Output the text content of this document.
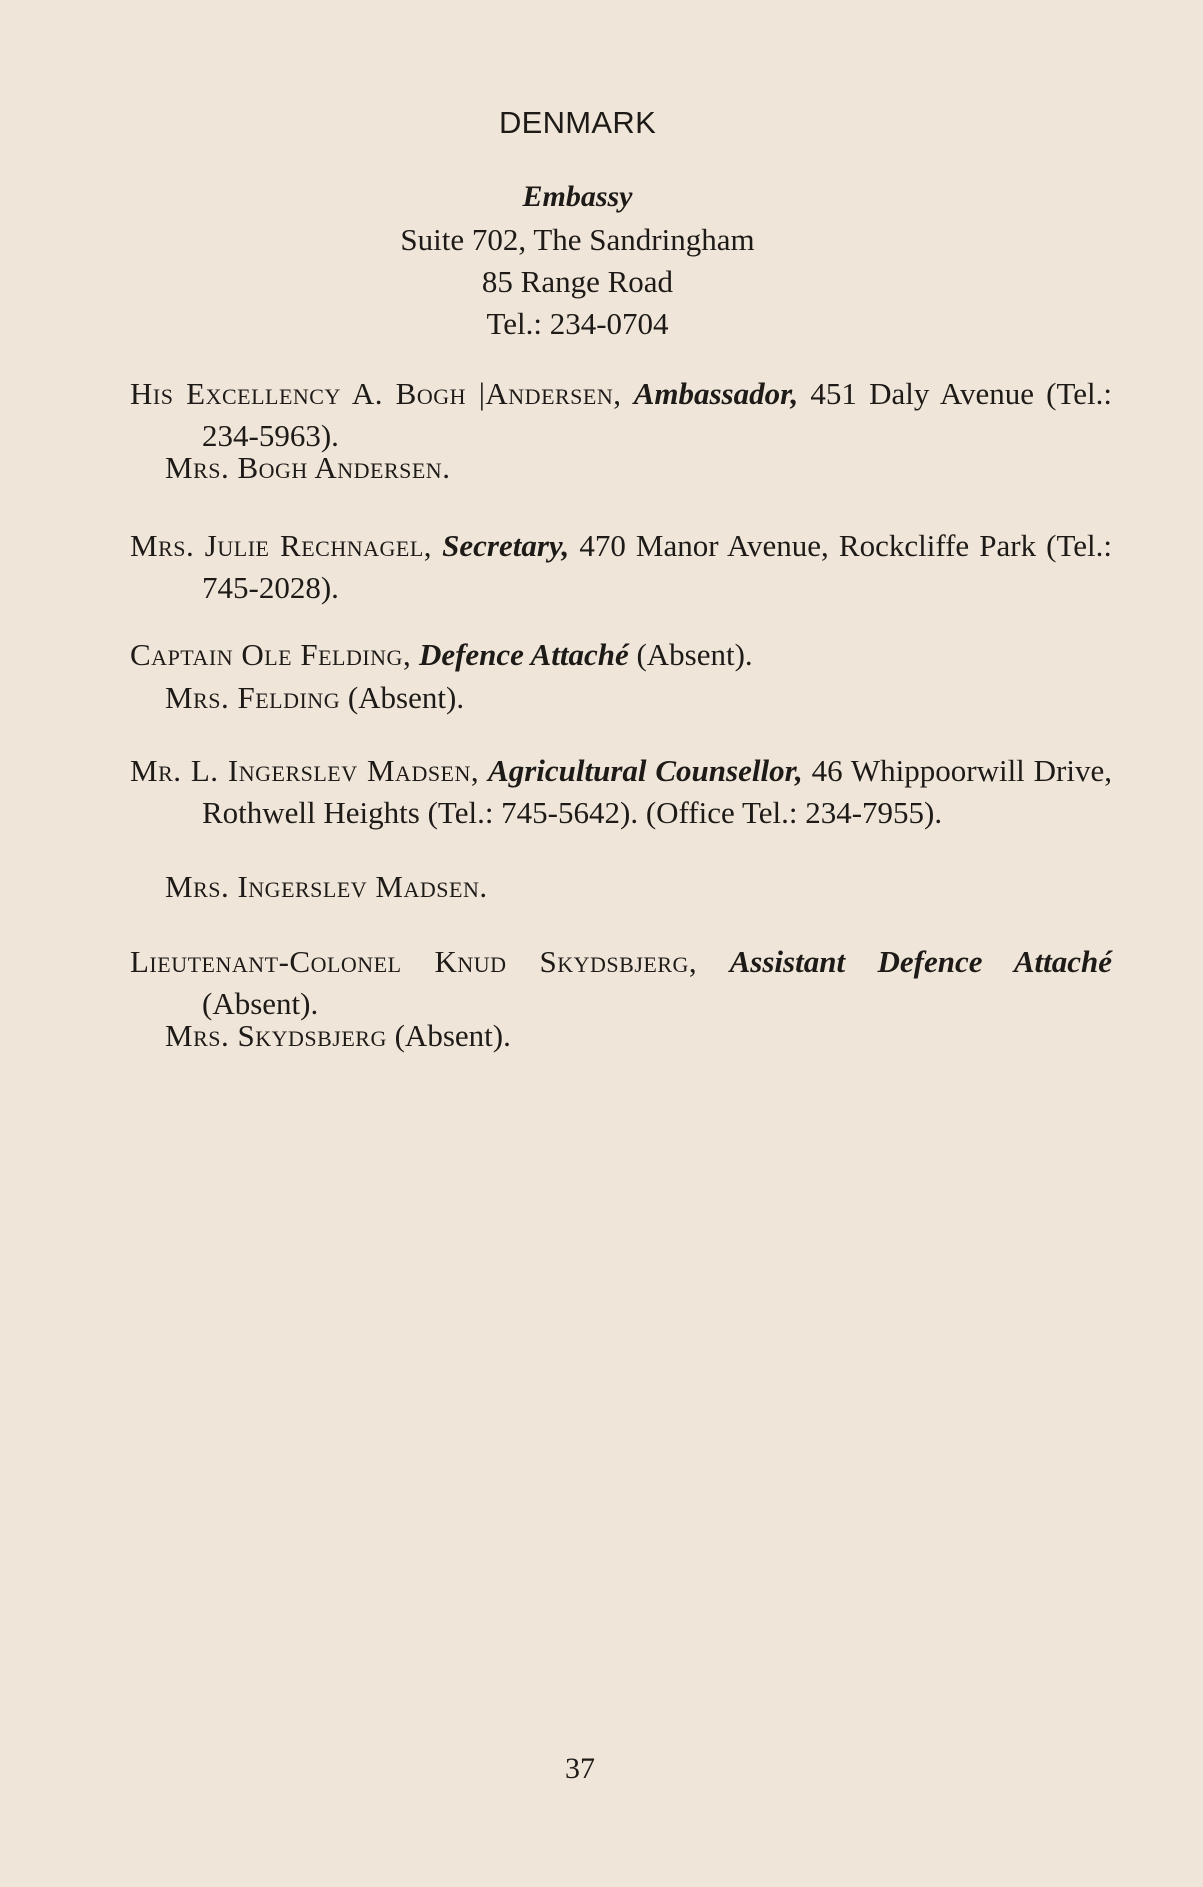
DENMARK
Embassy
Suite 702, The Sandringham
85 Range Road
Tel.: 234-0704
His Excellency A. Bogh |Andersen, Ambassador, 451 Daly Avenue (Tel.: 234-5963).
Mrs. Bogh Andersen.
Mrs. Julie Rechnagel, Secretary, 470 Manor Avenue, Rockcliffe Park (Tel.: 745-2028).
Captain Ole Felding, Defence Attaché (Absent).
Mrs. Felding (Absent).
Mr. L. Ingerslev Madsen, Agricultural Counsellor, 46 Whippoorwill Drive, Rothwell Heights (Tel.: 745-5642). (Office Tel.: 234-7955).
Mrs. Ingerslev Madsen.
Lieutenant-Colonel Knud Skydsbjerg, Assistant Defence Attaché (Absent).
Mrs. Skydsbjerg (Absent).
37
